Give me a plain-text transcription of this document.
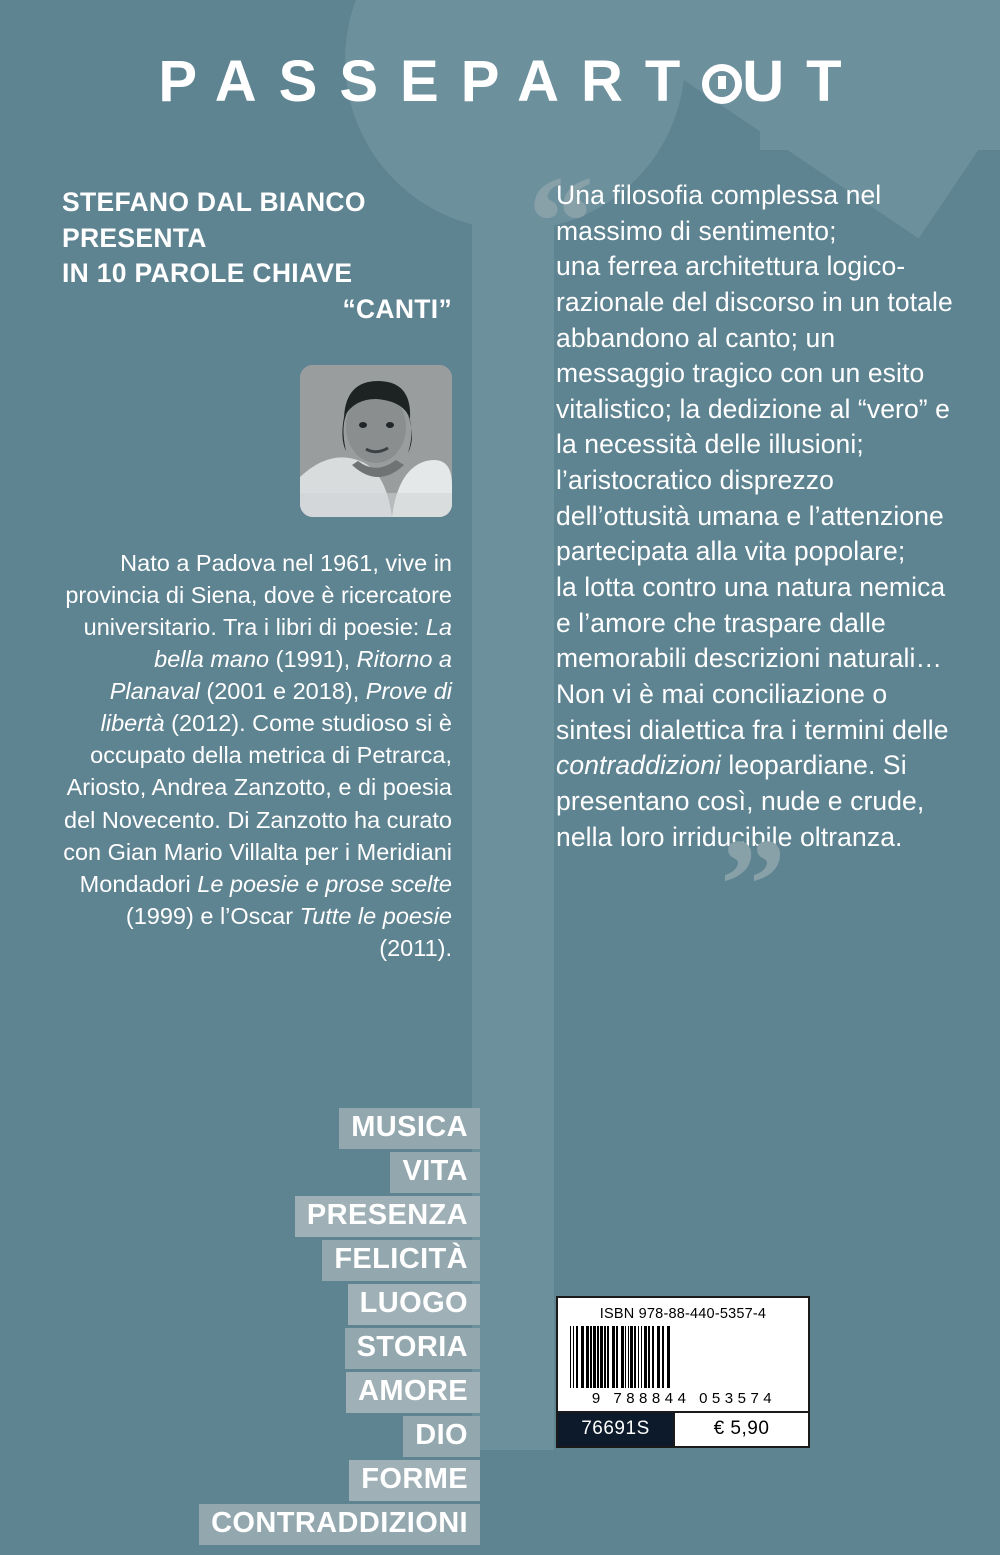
PASSEPART UT
STEFANO DAL BIANCO
PRESENTA
IN 10 PAROLE CHIAVE
“CANTI”
Nato a Padova nel 1961, vive in provincia di Siena, dove è ricercatore universitario. Tra i libri di poesie: La bella mano (1991), Ritorno a Planaval (2001 e 2018), Prove di libertà (2012). Come studioso si è occupato della metrica di Petrarca, Ariosto, Andrea Zanzotto, e di poesia del Novecento. Di Zanzotto ha curato con Gian Mario Villalta per i Meridiani Mondadori Le poesie e prose scelte (1999) e l’Oscar Tutte le poesie (2011).
MUSICA
VITA
PRESENZA
FELICITÀ
LUOGO
STORIA
AMORE
DIO
FORME
CONTRADDIZIONI
“
Una filosofia complessa nel massimo di sentimento;
una ferrea architettura logico-razionale del discorso in un totale abbandono al canto; un messaggio tragico con un esito vitalistico; la dedizione al “vero” e la necessità delle illusioni; l’aristocratico disprezzo dell’ottusità umana e l’attenzione partecipata alla vita popolare;
la lotta contro una natura nemica e l’amore che traspare dalle memorabili descrizioni naturali… Non vi è mai conciliazione o sintesi dialettica fra i termini delle contraddizioni leopardiane. Si presentano così, nude e crude, nella loro irriducibile oltranza.
”
ISBN 978-88-440-5357-4
9 788844 053574
76691S	€ 5,90
